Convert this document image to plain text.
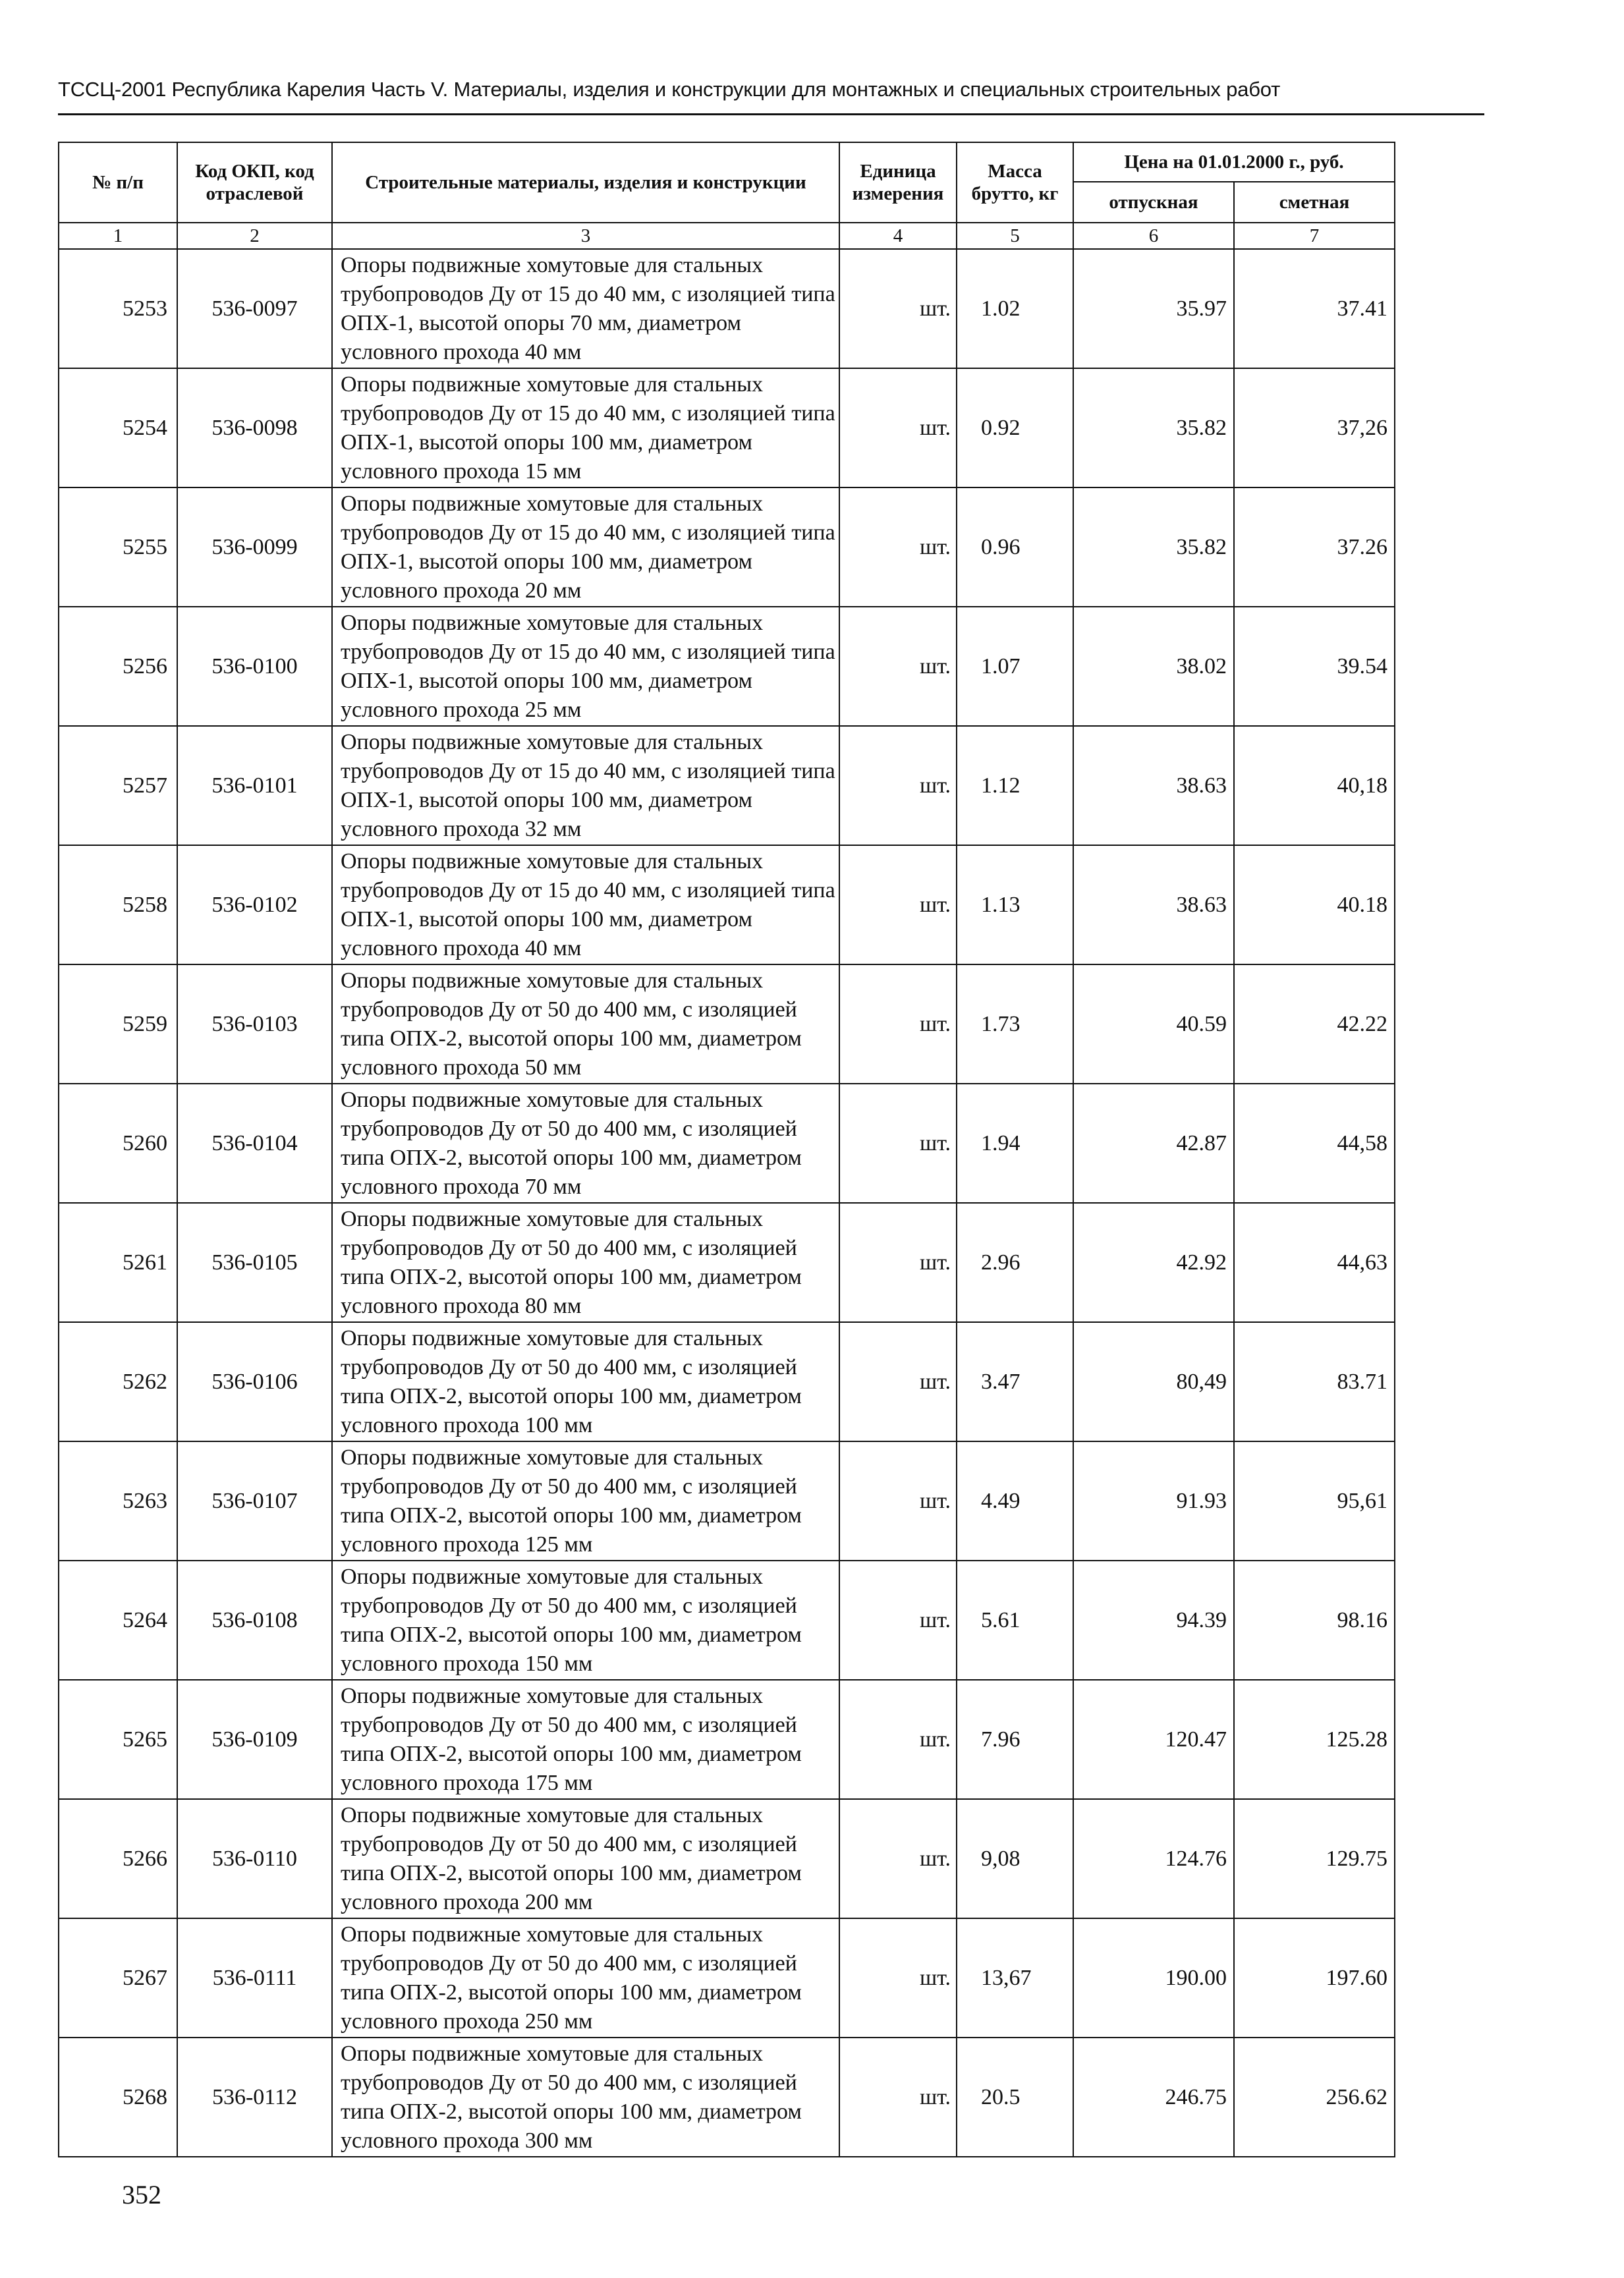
ТССЦ-2001 Республика Карелия Часть V. Материалы, изделия и конструкции для монтажных и специальных строительных работ
№ п/п	Код ОКП, код отраслевой	Строительные материалы, изделия и конструкции	Единица измерения	Масса брутто, кг	Цена на 01.01.2000 г., руб.	
					отпускная	сметная
1	2	3	4	5	6	7
5253	536-0097	Опоры подвижные хомутовые для стальных трубопроводов Ду от 15 до 40 мм, с изоляцией типа ОПХ-1, высотой опоры 70 мм, диаметром условного прохода 40 мм	шт.	1.02	35.97	37.41
5254	536-0098	Опоры подвижные хомутовые для стальных трубопроводов Ду от 15 до 40 мм, с изоляцией типа ОПХ-1, высотой опоры 100 мм, диаметром условного прохода 15 мм	шт.	0.92	35.82	37,26
5255	536-0099	Опоры подвижные хомутовые для стальных трубопроводов Ду от 15 до 40 мм, с изоляцией типа ОПХ-1, высотой опоры 100 мм, диаметром условного прохода 20 мм	шт.	0.96	35.82	37.26
5256	536-0100	Опоры подвижные хомутовые для стальных трубопроводов Ду от 15 до 40 мм, с изоляцией типа ОПХ-1, высотой опоры 100 мм, диаметром условного прохода 25 мм	шт.	1.07	38.02	39.54
5257	536-0101	Опоры подвижные хомутовые для стальных трубопроводов Ду от 15 до 40 мм, с изоляцией типа ОПХ-1, высотой опоры 100 мм, диаметром условного прохода 32 мм	шт.	1.12	38.63	40,18
5258	536-0102	Опоры подвижные хомутовые для стальных трубопроводов Ду от 15 до 40 мм, с изоляцией типа ОПХ-1, высотой опоры 100 мм, диаметром условного прохода 40 мм	шт.	1.13	38.63	40.18
5259	536-0103	Опоры подвижные хомутовые для стальных трубопроводов Ду от 50 до 400 мм, с изоляцией типа ОПХ-2, высотой опоры 100 мм, диаметром условного прохода 50 мм	шт.	1.73	40.59	42.22
5260	536-0104	Опоры подвижные хомутовые для стальных трубопроводов Ду от 50 до 400 мм, с изоляцией типа ОПХ-2, высотой опоры 100 мм, диаметром условного прохода 70 мм	шт.	1.94	42.87	44,58
5261	536-0105	Опоры подвижные хомутовые для стальных трубопроводов Ду от 50 до 400 мм, с изоляцией типа ОПХ-2, высотой опоры 100 мм, диаметром условного прохода 80 мм	шт.	2.96	42.92	44,63
5262	536-0106	Опоры подвижные хомутовые для стальных трубопроводов Ду от 50 до 400 мм, с изоляцией типа ОПХ-2, высотой опоры 100 мм, диаметром условного прохода 100 мм	шт.	3.47	80,49	83.71
5263	536-0107	Опоры подвижные хомутовые для стальных трубопроводов Ду от 50 до 400 мм, с изоляцией типа ОПХ-2, высотой опоры 100 мм, диаметром условного прохода 125 мм	шт.	4.49	91.93	95,61
5264	536-0108	Опоры подвижные хомутовые для стальных трубопроводов Ду от 50 до 400 мм, с изоляцией типа ОПХ-2, высотой опоры 100 мм, диаметром условного прохода 150 мм	шт.	5.61	94.39	98.16
5265	536-0109	Опоры подвижные хомутовые для стальных трубопроводов Ду от 50 до 400 мм, с изоляцией типа ОПХ-2, высотой опоры 100 мм, диаметром условного прохода 175 мм	шт.	7.96	120.47	125.28
5266	536-0110	Опоры подвижные хомутовые для стальных трубопроводов Ду от 50 до 400 мм, с изоляцией типа ОПХ-2, высотой опоры 100 мм, диаметром условного прохода 200 мм	шт.	9,08	124.76	129.75
5267	536-0111	Опоры подвижные хомутовые для стальных трубопроводов Ду от 50 до 400 мм, с изоляцией типа ОПХ-2, высотой опоры 100 мм, диаметром условного прохода 250 мм	шт.	13,67	190.00	197.60
5268	536-0112	Опоры подвижные хомутовые для стальных трубопроводов Ду от 50 до 400 мм, с изоляцией типа ОПХ-2, высотой опоры 100 мм, диаметром условного прохода 300 мм	шт.	20.5	246.75	256.62
352
